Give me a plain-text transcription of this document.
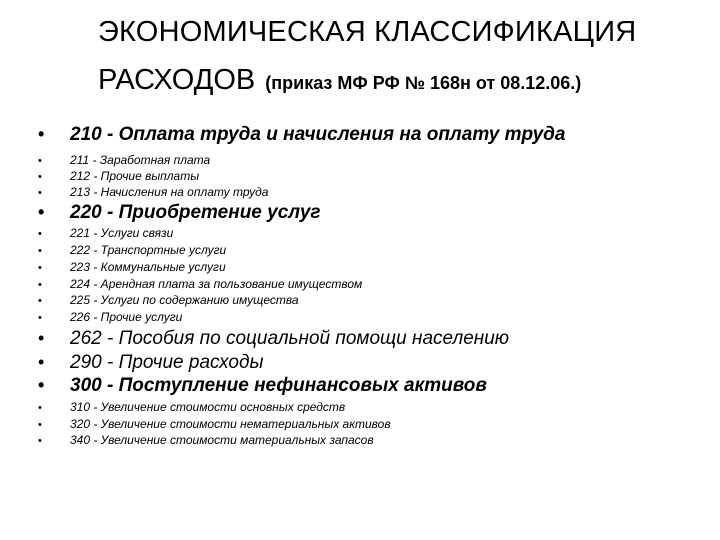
ЭКОНОМИЧЕСКАЯ КЛАССИФИКАЦИЯ
РАСХОДОВ (приказ МФ РФ № 168н от 08.12.06.)
• 210 - Оплата труда и начисления на оплату труда
• 211 - Заработная плата
• 212 - Прочие выплаты
• 213 - Начисления на оплату труда
• 220 - Приобретение услуг
• 221 - Услуги связи
• 222 - Транспортные услуги
• 223 - Коммунальные услуги
• 224 - Арендная плата за пользование имуществом
• 225 - Услуги по содержанию имущества
• 226 - Прочие услуги
• 262 - Пособия по социальной помощи населению
• 290 - Прочие расходы
• 300 - Поступление нефинансовых активов
• 310 - Увеличение стоимости основных средств
• 320 - Увеличение стоимости нематериальных активов
• 340 - Увеличение стоимости материальных запасов
